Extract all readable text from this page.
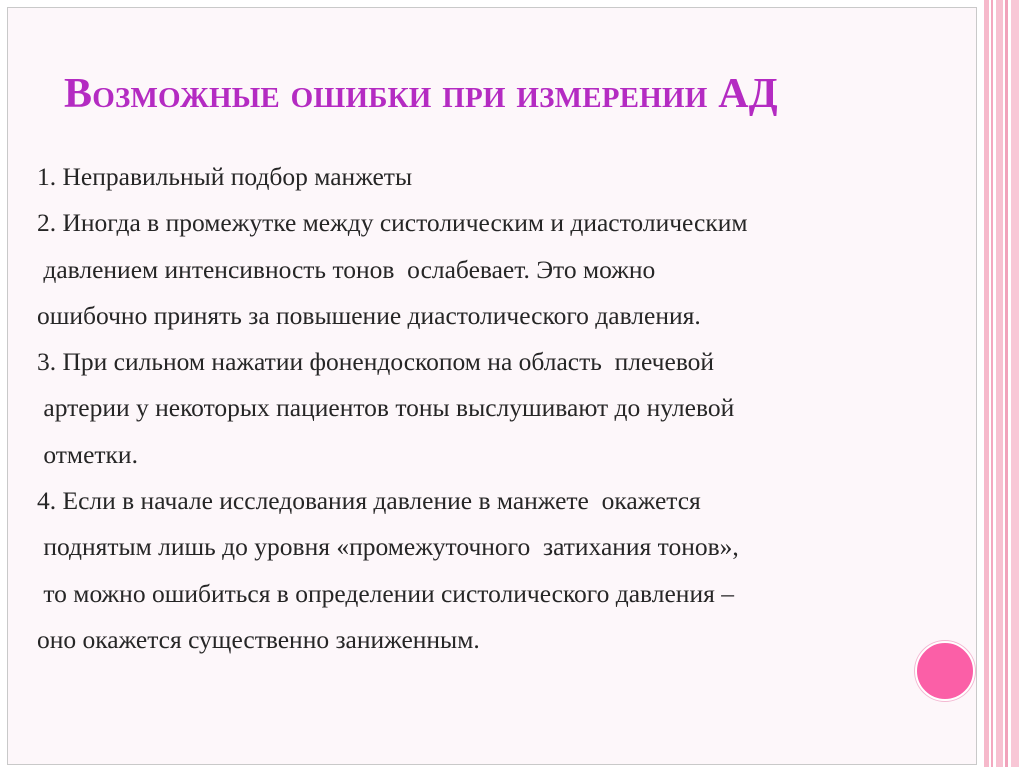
Возможные ошибки при измерении АД
1. Неправильный подбор манжеты
2. Иногда в промежутке между систолическим и диастолическим
давлением интенсивность тонов  ослабевает. Это можно
ошибочно принять за повышение диастолического давления.
3. При сильном нажатии фонендоскопом на область  плечевой
артерии у некоторых пациентов тоны выслушивают до нулевой
отметки.
4. Если в начале исследования давление в манжете  окажется
поднятым лишь до уровня «промежуточного  затихания тонов»,
то можно ошибиться в определении систолического давления –
оно окажется существенно заниженным.
